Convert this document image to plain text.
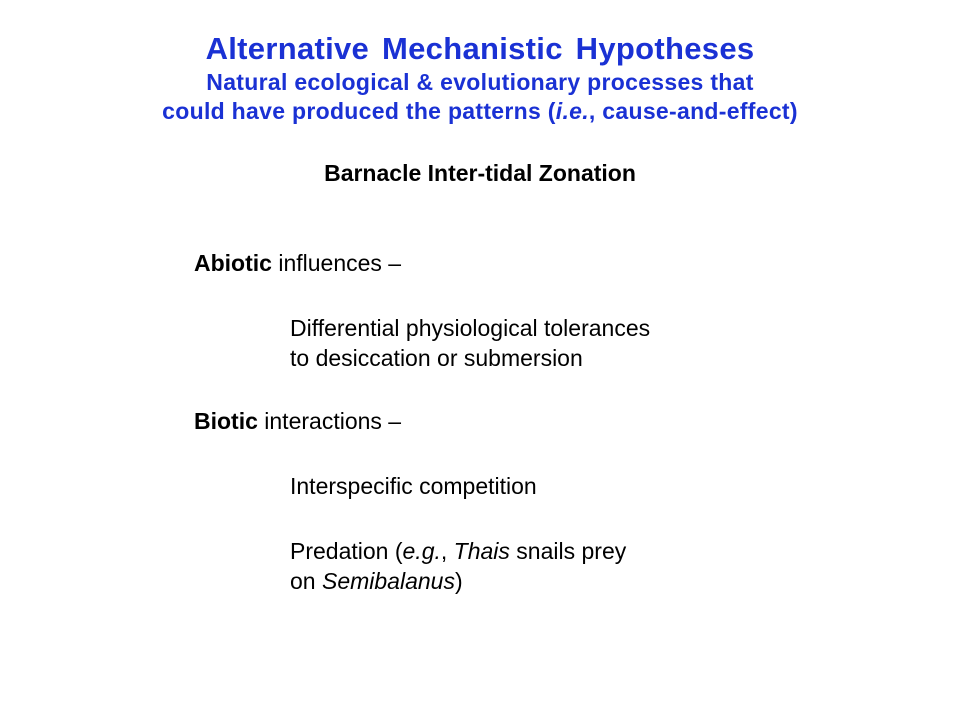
Alternative Mechanistic Hypotheses
Natural ecological & evolutionary processes that
could have produced the patterns (i.e., cause-and-effect)
Barnacle Inter-tidal Zonation
Abiotic influences –
Differential physiological tolerances
to desiccation or submersion
Biotic interactions –
Interspecific competition
Predation (e.g., Thais snails prey
on Semibalanus)
